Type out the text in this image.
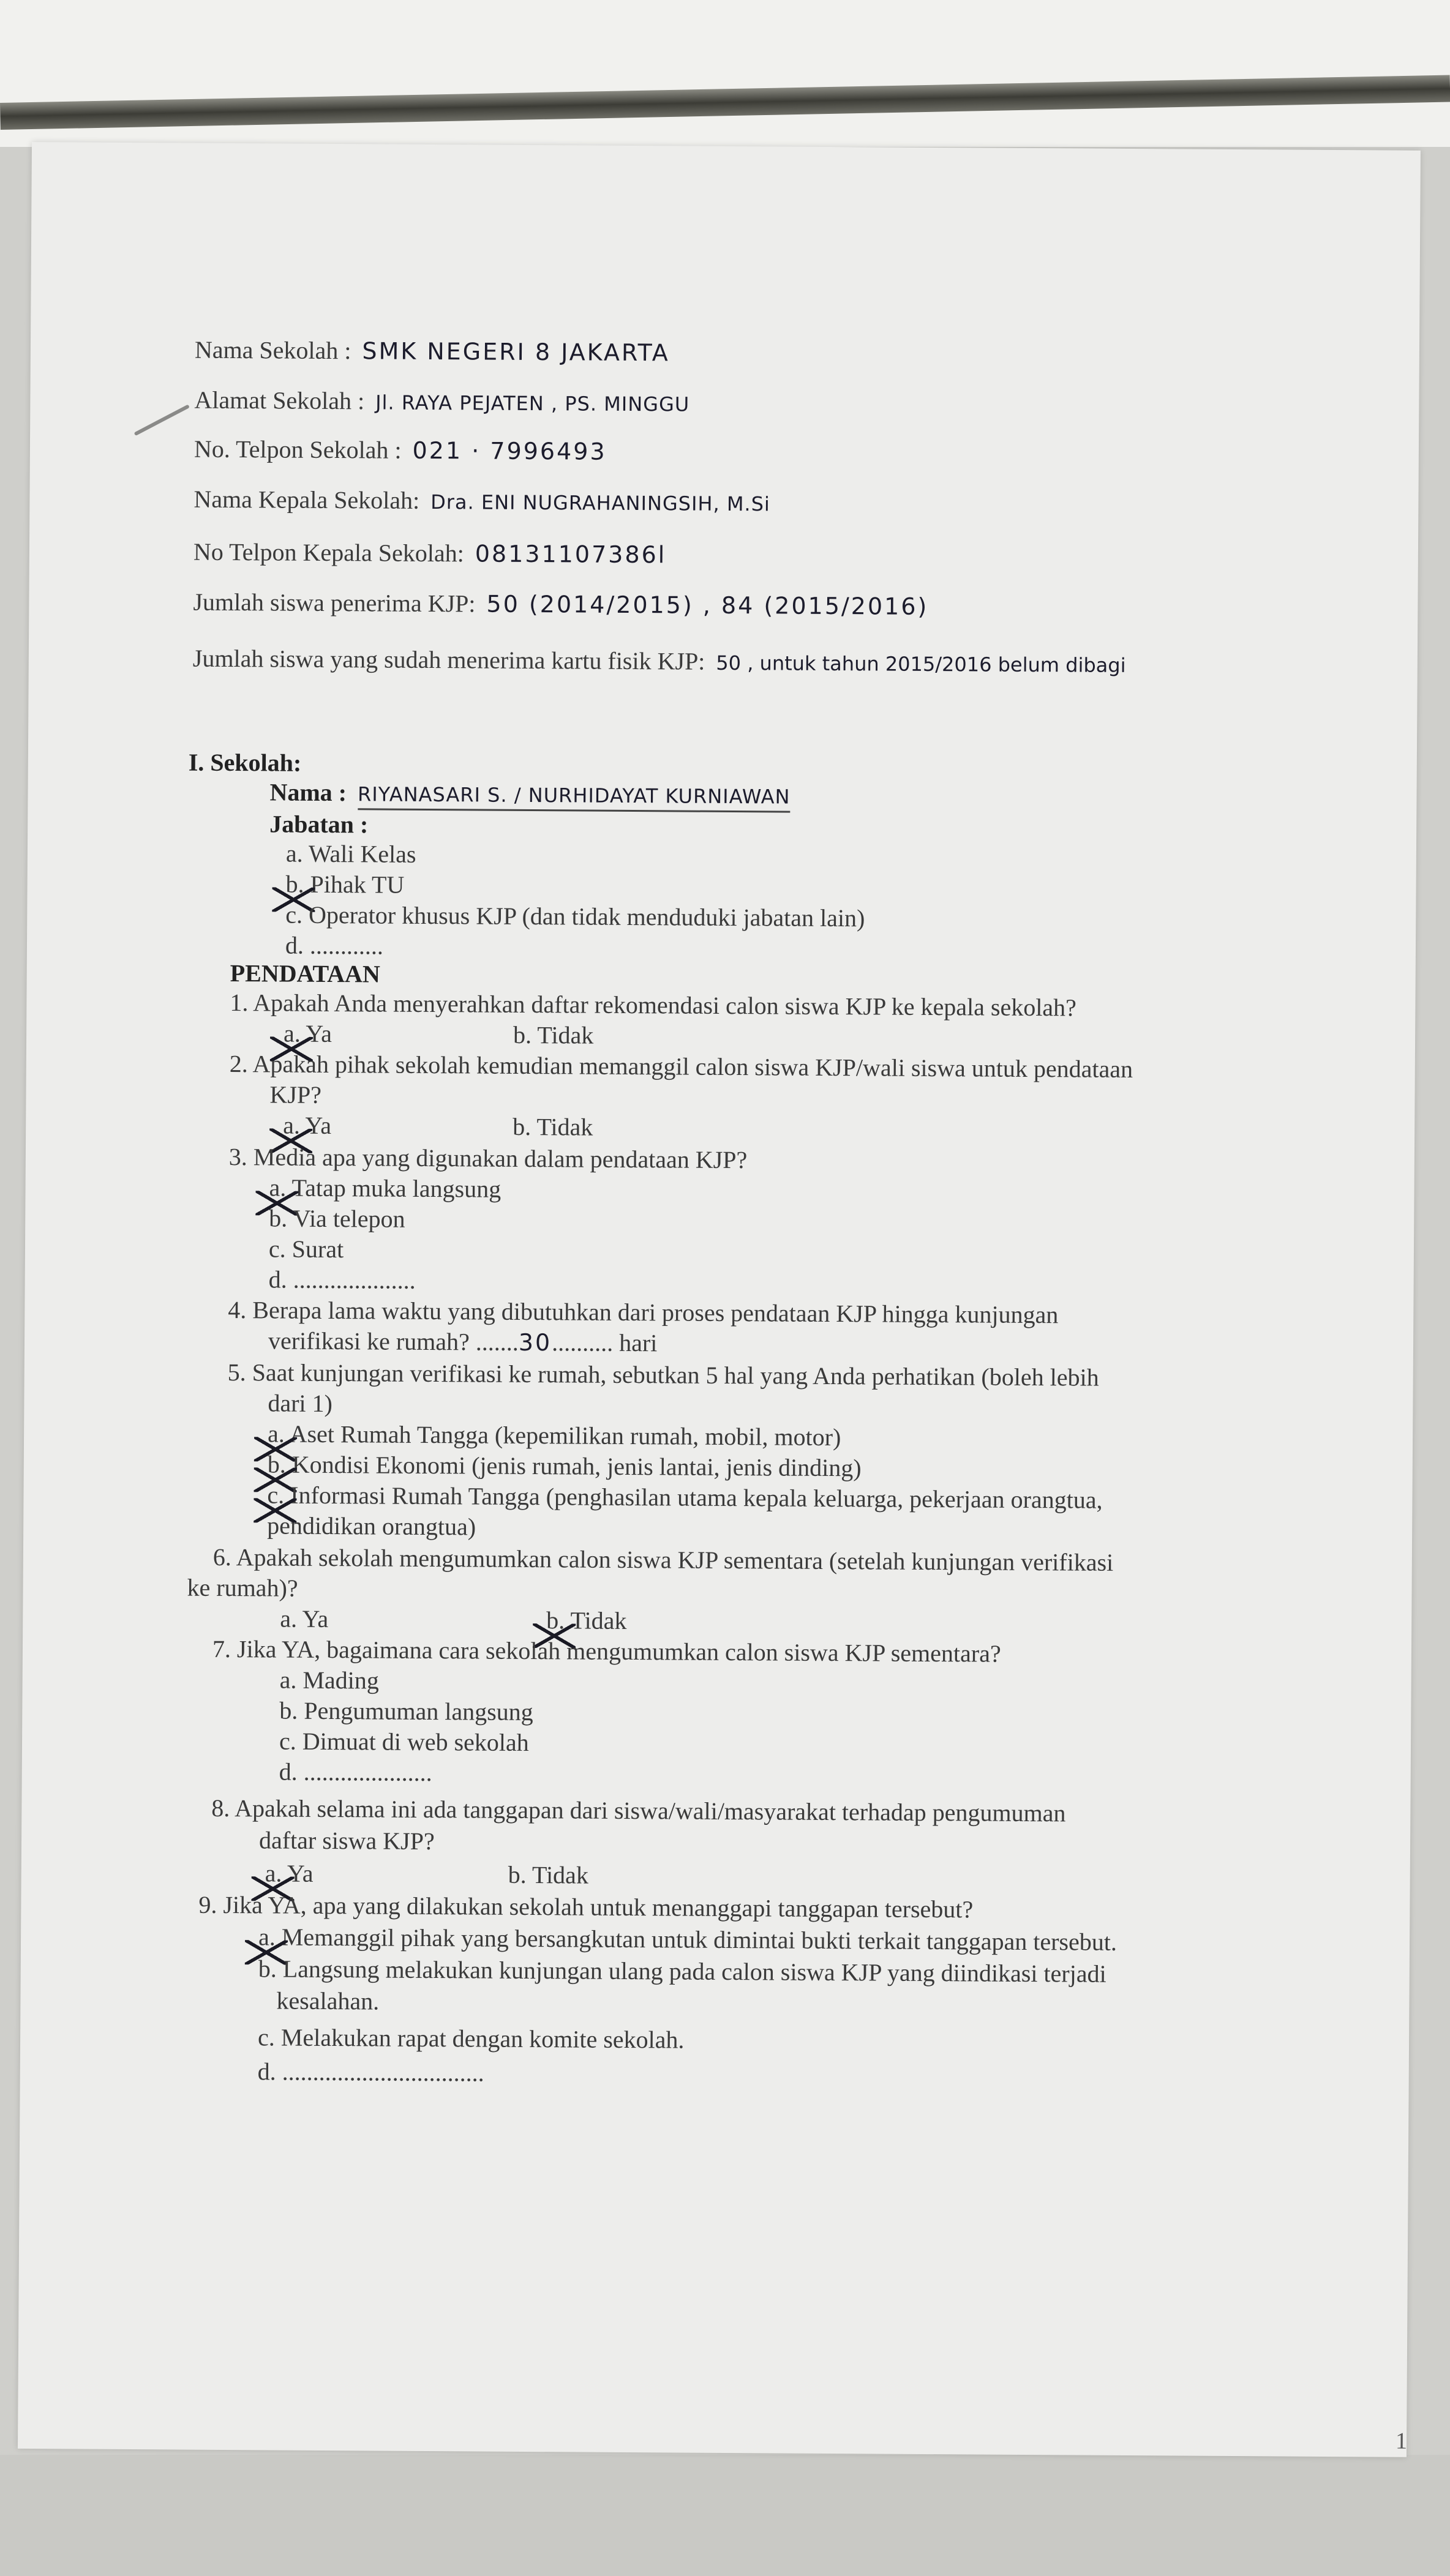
Nama Sekolah : SMK NEGERI 8 JAKARTA
Alamat Sekolah : Jl. RAYA PEJATEN , PS. MINGGU
No. Telpon Sekolah : 021 · 7996493
Nama Kepala Sekolah: Dra. ENI NUGRAHANINGSIH, M.Si
No Telpon Kepala Sekolah: 08131107386l
Jumlah siswa penerima KJP: 50 (2014/2015) , 84 (2015/2016)
Jumlah siswa yang sudah menerima kartu fisik KJP: 50 , untuk tahun 2015/2016 belum dibagi
I. Sekolah:
Nama : RIYANASARI S. / NURHIDAYAT KURNIAWAN
Jabatan :
a. Wali Kelas
b. Pihak TU
c. Operator khusus KJP (dan tidak menduduki jabatan lain)
d. ............
PENDATAAN
1. Apakah Anda menyerahkan daftar rekomendasi calon siswa KJP ke kepala sekolah?
a. Ya	b. Tidak
2. Apakah pihak sekolah kemudian memanggil calon siswa KJP/wali siswa untuk pendataan
KJP?
a. Ya	b. Tidak
3. Media apa yang digunakan dalam pendataan KJP?
a. Tatap muka langsung
b. Via telepon
c. Surat
d. ....................
4. Berapa lama waktu yang dibutuhkan dari proses pendataan KJP hingga kunjungan
verifikasi ke rumah? .......30.......... hari
5. Saat kunjungan verifikasi ke rumah, sebutkan 5 hal yang Anda perhatikan (boleh lebih
dari 1)
a. Aset Rumah Tangga (kepemilikan rumah, mobil, motor)
b. Kondisi Ekonomi (jenis rumah, jenis lantai, jenis dinding)
c. Informasi Rumah Tangga (penghasilan utama kepala keluarga, pekerjaan orangtua,
pendidikan orangtua)
6. Apakah sekolah mengumumkan calon siswa KJP sementara (setelah kunjungan verifikasi
ke rumah)?
a. Ya	b. Tidak
7. Jika YA, bagaimana cara sekolah mengumumkan calon siswa KJP sementara?
a. Mading
b. Pengumuman langsung
c. Dimuat di web sekolah
d. .....................
8. Apakah selama ini ada tanggapan dari siswa/wali/masyarakat terhadap pengumuman
daftar siswa KJP?
a. Ya	b. Tidak
9. Jika YA, apa yang dilakukan sekolah untuk menanggapi tanggapan tersebut?
a. Memanggil pihak yang bersangkutan untuk dimintai bukti terkait tanggapan tersebut.
b. Langsung melakukan kunjungan ulang pada calon siswa KJP yang diindikasi terjadi
kesalahan.
c. Melakukan rapat dengan komite sekolah.
d. .................................
1
